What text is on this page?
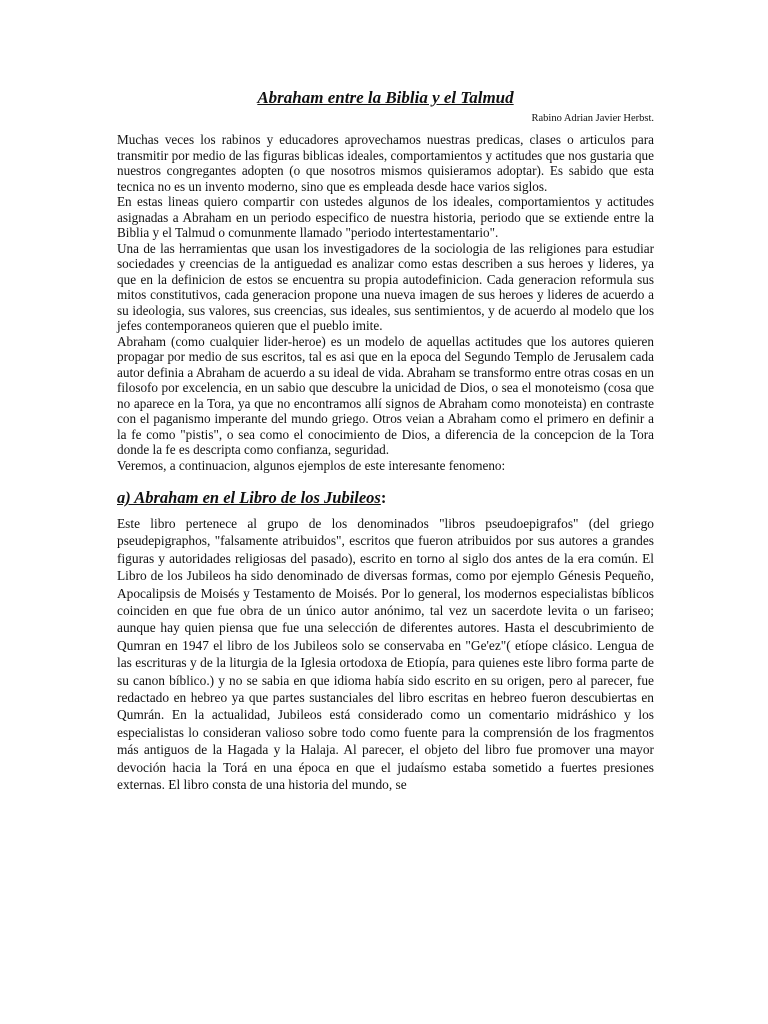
Abraham entre la Biblia y el Talmud
Rabino Adrian Javier Herbst.

Muchas veces los rabinos y educadores aprovechamos nuestras predicas, clases o articulos para transmitir por medio de las figuras biblicas ideales, comportamientos y actitudes que nos gustaria que nuestros congregantes adopten (o que nosotros mismos quisieramos adoptar). Es sabido que esta tecnica no es un invento moderno, sino que es empleada desde hace varios siglos.

En estas lineas quiero compartir con ustedes algunos de los ideales, comportamientos y actitudes asignadas a Abraham en un periodo especifico de nuestra historia, periodo que se extiende entre la Biblia y el Talmud o comunmente llamado "periodo intertestamentario".

Una de las herramientas que usan los investigadores de la sociologia de las religiones para estudiar sociedades y creencias de la antiguedad es analizar como estas describen a sus heroes y lideres, ya que en la definicion de estos se encuentra su propia autodefinicion. Cada generacion reformula sus mitos constitutivos, cada generacion propone una nueva imagen de sus heroes y lideres de acuerdo a su ideologia, sus valores, sus creencias, sus ideales, sus sentimientos, y de acuerdo al modelo que los jefes contemporaneos quieren que el pueblo imite.

Abraham (como cualquier lider-heroe) es un modelo de aquellas actitudes que los autores quieren propagar por medio de sus escritos, tal es asi que en la epoca del Segundo Templo de Jerusalem cada autor definia a Abraham de acuerdo a su ideal de vida. Abraham se transformo entre otras cosas en un filosofo por excelencia, en un sabio que descubre la unicidad de Dios, o sea el monoteismo (cosa que no aparece en la Tora, ya que no encontramos allí signos de Abraham como monoteista) en contraste con el paganismo imperante del mundo griego. Otros veian a Abraham como el primero en definir a la fe como "pistis", o sea como el conocimiento de Dios, a diferencia de la concepcion de la Tora donde la fe es descripta como confianza, seguridad.

Veremos, a continuacion, algunos ejemplos de este interesante fenomeno:

a) Abraham en el Libro de los Jubileos:

Este libro pertenece al grupo de los denominados "libros pseudoepigrafos" (del griego pseudepigraphos, "falsamente atribuidos", escritos que fueron atribuidos por sus autores a grandes figuras y autoridades religiosas del pasado), escrito en torno al siglo dos antes de la era común. El Libro de los Jubileos ha sido denominado de diversas formas, como por ejemplo Génesis Pequeño, Apocalipsis de Moisés y Testamento de Moisés. Por lo general, los modernos especialistas bíblicos coinciden en que fue obra de un único autor anónimo, tal vez un sacerdote levita o un fariseo; aunque hay quien piensa que fue una selección de diferentes autores. Hasta el descubrimiento de Qumran en 1947 el libro de los Jubileos solo se conservaba en "Ge'ez"( etíope clásico. Lengua de las escrituras y de la liturgia de la Iglesia ortodoxa de Etiopía, para quienes este libro forma parte de su canon bíblico.) y no se sabia en que idioma había sido escrito en su origen, pero al parecer, fue redactado en hebreo ya que partes sustanciales del libro escritas en hebreo fueron descubiertas en Qumrán. En la actualidad, Jubileos está considerado como un comentario midráshico y los especialistas lo consideran valioso sobre todo como fuente para la comprensión de los fragmentos más antiguos de la Hagada y la Halaja. Al parecer, el objeto del libro fue promover una mayor devoción hacia la Torá en una época en que el judaísmo estaba sometido a fuertes presiones externas. El libro consta de una historia del mundo, se
